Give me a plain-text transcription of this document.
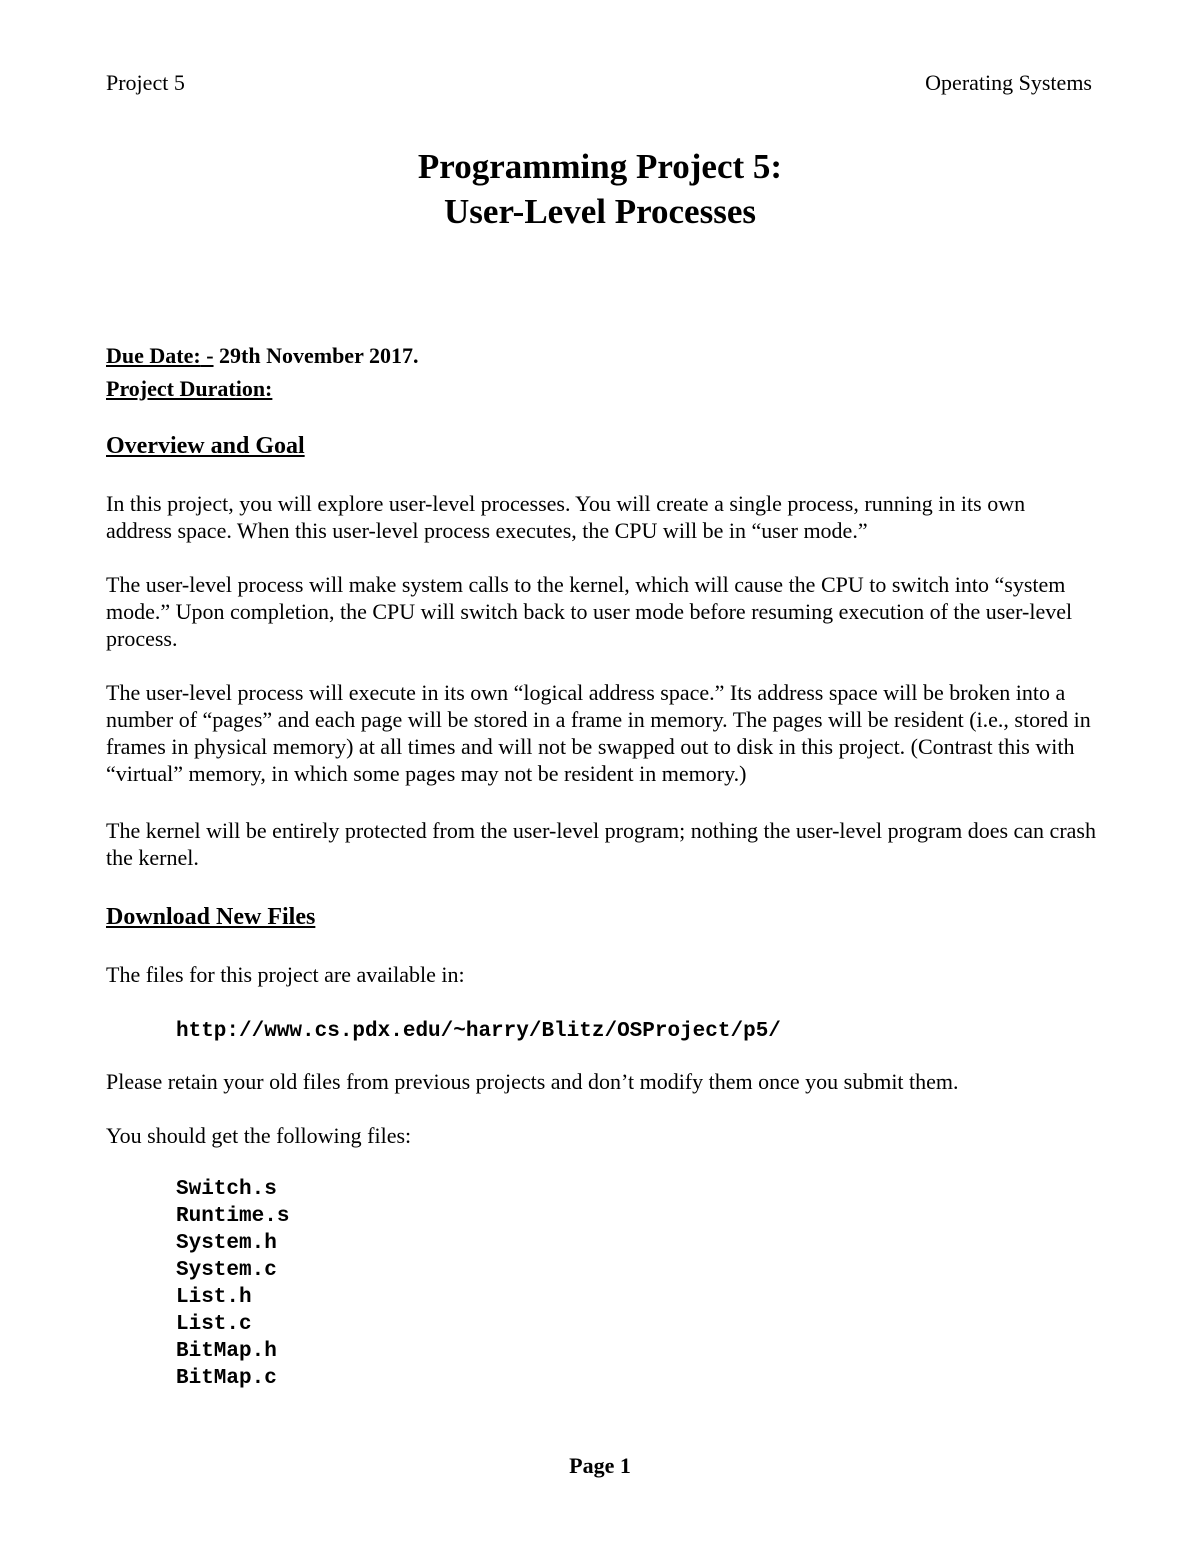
Project 5	Operating Systems
Programming Project 5:
User-Level Processes
Due Date: - 29th November 2017.
Project Duration:
Overview and Goal

In this project, you will explore user-level processes. You will create a single process, running in its own address space. When this user-level process executes, the CPU will be in “user mode.”

The user-level process will make system calls to the kernel, which will cause the CPU to switch into “system mode.” Upon completion, the CPU will switch back to user mode before resuming execution of the user-level process.

The user-level process will execute in its own “logical address space.” Its address space will be broken into a number of “pages” and each page will be stored in a frame in memory. The pages will be resident (i.e., stored in frames in physical memory) at all times and will not be swapped out to disk in this project. (Contrast this with “virtual” memory, in which some pages may not be resident in memory.)

The kernel will be entirely protected from the user-level program; nothing the user-level program does can crash the kernel.

Download New Files

The files for this project are available in:

http://www.cs.pdx.edu/~harry/Blitz/OSProject/p5/

Please retain your old files from previous projects and don’t modify them once you submit them.

You should get the following files:

Switch.s
Runtime.s
System.h
System.c
List.h
List.c
BitMap.h
BitMap.c
Page 1
